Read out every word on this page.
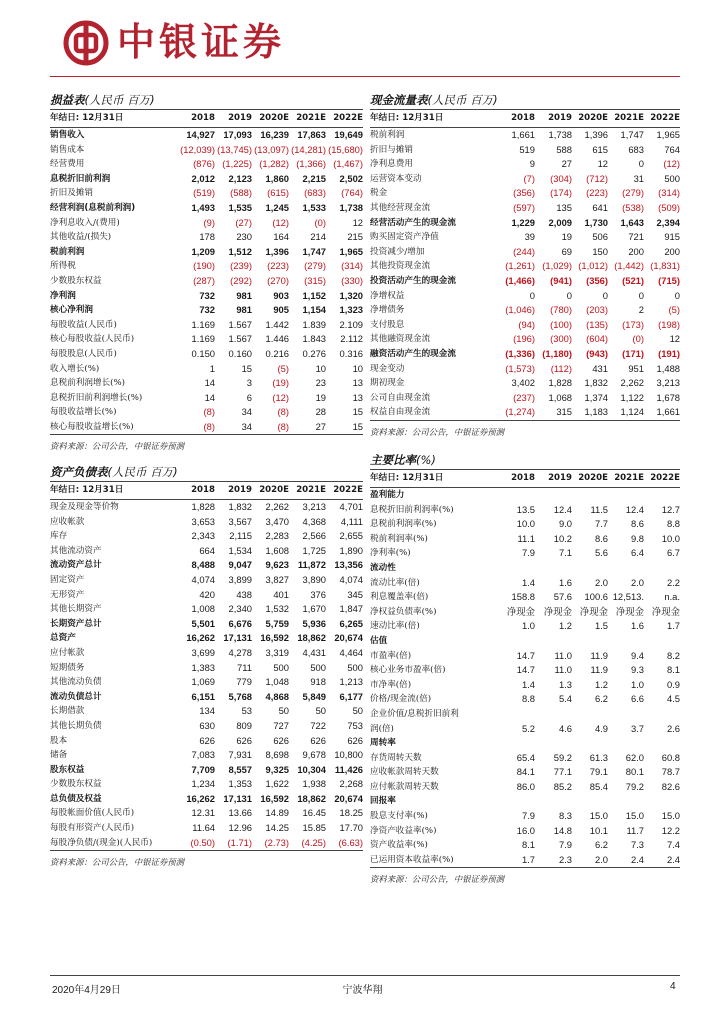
中银证券
损益表(人民币 百万)
年结日: 12月31日	2018	2019	2020E	2021E	2022E
销售收入	14,927	17,093	16,239	17,863	19,649
销售成本	(12,039)	(13,745)	(13,097)	(14,281)	(15,680)
经营费用	(876)	(1,225)	(1,282)	(1,366)	(1,467)
息税折旧前利润	2,012	2,123	1,860	2,215	2,502
折旧及摊销	(519)	(588)	(615)	(683)	(764)
经营利润(息税前利润)	1,493	1,535	1,245	1,533	1,738
净利息收入/(费用)	(9)	(27)	(12)	(0)	12
其他收益/(损失)	178	230	164	214	215
税前利润	1,209	1,512	1,396	1,747	1,965
所得税	(190)	(239)	(223)	(279)	(314)
少数股东权益	(287)	(292)	(270)	(315)	(330)
净利润	732	981	903	1,152	1,320
核心净利润	732	981	905	1,154	1,323
每股收益(人民币)	1.169	1.567	1.442	1.839	2.109
核心每股收益(人民币)	1.169	1.567	1.446	1.843	2.112
每股股息(人民币)	0.150	0.160	0.216	0.276	0.316
收入增长(%)	1	15	(5)	10	10
息税前利润增长(%)	14	3	(19)	23	13
息税折旧前利润增长(%)	14	6	(12)	19	13
每股收益增长(%)	(8)	34	(8)	28	15
核心每股收益增长(%)	(8)	34	(8)	27	15
资料来源：公司公告，中银证券预测
现金流量表(人民币 百万)
年结日: 12月31日	2018	2019	2020E	2021E	2022E
税前利润	1,661	1,738	1,396	1,747	1,965
折旧与摊销	519	588	615	683	764
净利息费用	9	27	12	0	(12)
运营资本变动	(7)	(304)	(712)	31	500
税金	(356)	(174)	(223)	(279)	(314)
其他经营现金流	(597)	135	641	(538)	(509)
经营活动产生的现金流	1,229	2,009	1,730	1,643	2,394
购买固定资产净值	39	19	506	721	915
投资减少/增加	(244)	69	150	200	200
其他投资现金流	(1,261)	(1,029)	(1,012)	(1,442)	(1,831)
投资活动产生的现金流	(1,466)	(941)	(356)	(521)	(715)
净增权益	0	0	0	0	0
净增债务	(1,046)	(780)	(203)	2	(5)
支付股息	(94)	(100)	(135)	(173)	(198)
其他融资现金流	(196)	(300)	(604)	(0)	12
融资活动产生的现金流	(1,336)	(1,180)	(943)	(171)	(191)
现金变动	(1,573)	(112)	431	951	1,488
期初现金	3,402	1,828	1,832	2,262	3,213
公司自由现金流	(237)	1,068	1,374	1,122	1,678
权益自由现金流	(1,274)	315	1,183	1,124	1,661
资料来源：公司公告，中银证券预测
资产负债表(人民币 百万)
年结日: 12月31日	2018	2019	2020E	2021E	2022E
现金及现金等价物	1,828	1,832	2,262	3,213	4,701
应收帐款	3,653	3,567	3,470	4,368	4,111
库存	2,343	2,115	2,283	2,566	2,655
其他流动资产	664	1,534	1,608	1,725	1,890
流动资产总计	8,488	9,047	9,623	11,872	13,356
固定资产	4,074	3,899	3,827	3,890	4,074
无形资产	420	438	401	376	345
其他长期资产	1,008	2,340	1,532	1,670	1,847
长期资产总计	5,501	6,676	5,759	5,936	6,265
总资产	16,262	17,131	16,592	18,862	20,674
应付帐款	3,699	4,278	3,319	4,431	4,464
短期债务	1,383	711	500	500	500
其他流动负债	1,069	779	1,048	918	1,213
流动负债总计	6,151	5,768	4,868	5,849	6,177
长期借款	134	53	50	50	50
其他长期负债	630	809	727	722	753
股本	626	626	626	626	626
储备	7,083	7,931	8,698	9,678	10,800
股东权益	7,709	8,557	9,325	10,304	11,426
少数股东权益	1,234	1,353	1,622	1,938	2,268
总负债及权益	16,262	17,131	16,592	18,862	20,674
每股帐面价值(人民币)	12.31	13.66	14.89	16.45	18.25
每股有形资产(人民币)	11.64	12.96	14.25	15.85	17.70
每股净负债/(现金)(人民币)	(0.50)	(1.71)	(2.73)	(4.25)	(6.63)
资料来源：公司公告，中银证券预测
主要比率(%)
年结日: 12月31日	2018	2019	2020E	2021E	2022E
盈利能力					
息税折旧前利润率(%)	13.5	12.4	11.5	12.4	12.7
息税前利润率(%)	10.0	9.0	7.7	8.6	8.8
税前利润率(%)	11.1	10.2	8.6	9.8	10.0
净利率(%)	7.9	7.1	5.6	6.4	6.7
流动性					
流动比率(倍)	1.4	1.6	2.0	2.0	2.2
利息覆盖率(倍)	158.8	57.6	100.6	12,513.	n.a.
净权益负债率(%)	净现金	净现金	净现金	净现金	净现金
速动比率(倍)	1.0	1.2	1.5	1.6	1.7
估值					
市盈率(倍)	14.7	11.0	11.9	9.4	8.2
核心业务市盈率(倍)	14.7	11.0	11.9	9.3	8.1
市净率(倍)	1.4	1.3	1.2	1.0	0.9
价格/现金流(倍)	8.8	5.4	6.2	6.6	4.5
企业价值/息税折旧前利					
润(倍)	5.2	4.6	4.9	3.7	2.6
周转率					
存货周转天数	65.4	59.2	61.3	62.0	60.8
应收帐款周转天数	84.1	77.1	79.1	80.1	78.7
应付帐款周转天数	86.0	85.2	85.4	79.2	82.6
回报率					
股息支付率(%)	7.9	8.3	15.0	15.0	15.0
净资产收益率(%)	16.0	14.8	10.1	11.7	12.2
资产收益率(%)	8.1	7.9	6.2	7.3	7.4
已运用资本收益率(%)	1.7	2.3	2.0	2.4	2.4
资料来源：公司公告，中银证券预测
2020年4月29日	宁波华翔	4
